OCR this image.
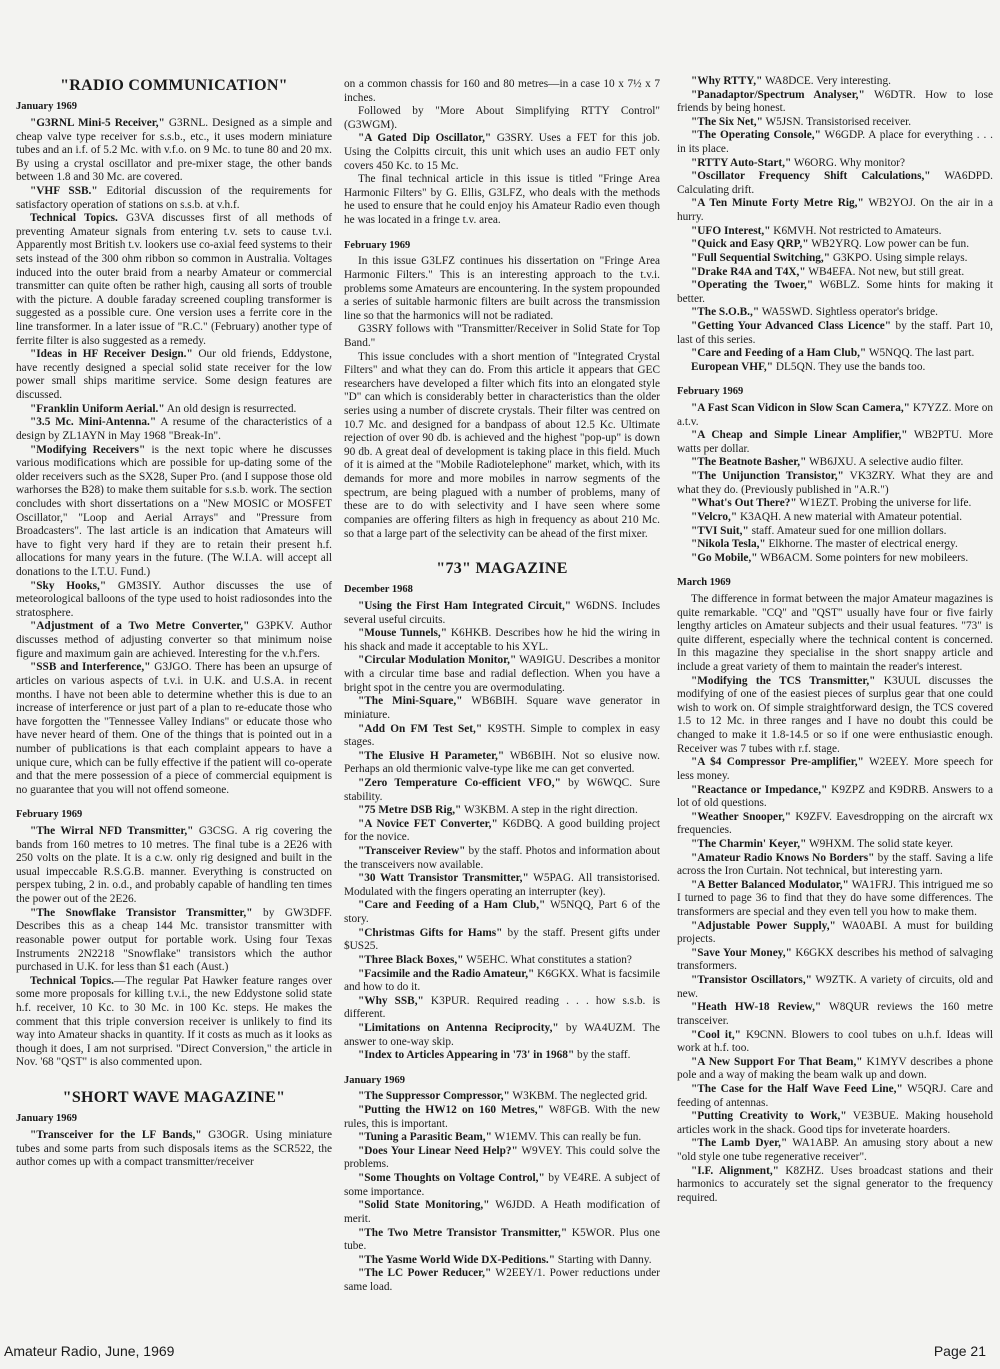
"RADIO COMMUNICATION"
January 1969
"G3RNL Mini-5 Receiver," G3RNL. Designed as a simple and cheap valve type receiver for s.s.b., etc., it uses modern miniature tubes and an i.f. of 5.2 Mc. with v.f.o. on 9 Mc. to tune 80 and 20 mx. By using a crystal oscillator and pre-mixer stage, the other bands between 1.8 and 30 Mc. are covered.
"VHF SSB." Editorial discussion of the requirements for satisfactory operation of stations on s.s.b. at v.h.f.
Technical Topics. G3VA discusses first of all methods of preventing Amateur signals from entering t.v. sets to cause t.v.i. Apparently most British t.v. lookers use co-axial feed systems to their sets instead of the 300 ohm ribbon so common in Australia. Voltages induced into the outer braid from a nearby Amateur or commercial transmitter can quite often be rather high, causing all sorts of trouble with the picture. A double faraday screened coupling transformer is suggested as a possible cure. One version uses a ferrite core in the line transformer. In a later issue of "R.C." (February) another type of ferrite filter is also suggested as a remedy.
"Ideas in HF Receiver Design." Our old friends, Eddystone, have recently designed a special solid state receiver for the low power small ships maritime service. Some design features are discussed.
"Franklin Uniform Aerial." An old design is resurrected.
"3.5 Mc. Mini-Antenna." A resume of the characteristics of a design by ZL1AYN in May 1968 "Break-In".
"Modifying Receivers" is the next topic where he discusses various modifications which are possible for up-dating some of the older receivers such as the SX28, Super Pro. (and I suppose those old warhorses the B28) to make them suitable for s.s.b. work. The section concludes with short dissertations on a "New MOSIC or MOSFET Oscillator," "Loop and Aerial Arrays" and "Pressure from Broadcasters". The last article is an indication that Amateurs will have to fight very hard if they are to retain their present h.f. allocations for many years in the future. (The W.I.A. will accept all donations to the I.T.U. Fund.)
"Sky Hooks," GM3SIY. Author discusses the use of meteorological balloons of the type used to hoist radiosondes into the stratosphere.
"Adjustment of a Two Metre Converter," G3PKV. Author discusses method of adjusting converter so that minimum noise figure and maximum gain are achieved. Interesting for the v.h.f'ers.
"SSB and Interference," G3JGO. There has been an upsurge of articles on various aspects of t.v.i. in U.K. and U.S.A. in recent months. I have not been able to determine whether this is due to an increase of interference or just part of a plan to re-educate those who have forgotten the "Tennessee Valley Indians" or educate those who have never heard of them. One of the things that is pointed out in a number of publications is that each complaint appears to have a unique cure, which can be fully effective if the patient will co-operate and that the mere possession of a piece of commercial equipment is no guarantee that you will not offend someone.
February 1969
"The Wirral NFD Transmitter," G3CSG. A rig covering the bands from 160 metres to 10 metres. The final tube is a 2E26 with 250 volts on the plate. It is a c.w. only rig designed and built in the usual impeccable R.S.G.B. manner. Everything is constructed on perspex tubing, 2 in. o.d., and probably capable of handling ten times the power out of the 2E26.
"The Snowflake Transistor Transmitter," by GW3DFF. Describes this as a cheap 144 Mc. transistor transmitter with reasonable power output for portable work. Using four Texas Instruments 2N2218 "Snowflake" transistors which the author purchased in U.K. for less than $1 each (Aust.)
Technical Topics.—The regular Pat Hawker feature ranges over some more proposals for killing t.v.i., the new Eddystone solid state h.f. receiver, 10 Kc. to 30 Mc. in 100 Kc. steps. He makes the comment that this triple conversion receiver is unlikely to find its way into Amateur shacks in quantity. If it costs as much as it looks as though it does, I am not surprised. "Direct Conversion," the article in Nov. '68 "QST" is also commented upon.
"SHORT WAVE MAGAZINE"
January 1969
"Transceiver for the LF Bands," G3OGR. Using miniature tubes and some parts from such disposals items as the SCR522, the author comes up with a compact transmitter/receiver
on a common chassis for 160 and 80 metres—in a case 10 x 7½ x 7 inches.
Followed by "More About Simplifying RTTY Control" (G3WGM).
"A Gated Dip Oscillator," G3SRY. Uses a FET for this job. Using the Colpitts circuit, this unit which uses an audio FET only covers 450 Kc. to 15 Mc.
The final technical article in this issue is titled "Fringe Area Harmonic Filters" by G. Ellis, G3LFZ, who deals with the methods he used to ensure that he could enjoy his Amateur Radio even though he was located in a fringe t.v. area.
February 1969
In this issue G3LFZ continues his dissertation on "Fringe Area Harmonic Filters." This is an interesting approach to the t.v.i. problems some Amateurs are encountering. In the system propounded a series of suitable harmonic filters are built across the transmission line so that the harmonics will not be radiated.
G3SRY follows with "Transmitter/Receiver in Solid State for Top Band."
This issue concludes with a short mention of "Integrated Crystal Filters" and what they can do. From this article it appears that GEC researchers have developed a filter which fits into an elongated style "D" can which is considerably better in characteristics than the older series using a number of discrete crystals. Their filter was centred on 10.7 Mc. and designed for a bandpass of about 12.5 Kc. Ultimate rejection of over 90 db. is achieved and the highest "pop-up" is down 90 db. A great deal of development is taking place in this field. Much of it is aimed at the "Mobile Radiotelephone" market, which, with its demands for more and more mobiles in narrow segments of the spectrum, are being plagued with a number of problems, many of these are to do with selectivity and I have seen where some companies are offering filters as high in frequency as about 210 Mc. so that a large part of the selectivity can be ahead of the first mixer.
"73" MAGAZINE
December 1968
"Using the First Ham Integrated Circuit," W6DNS. Includes several useful circuits.
"Mouse Tunnels," K6HKB. Describes how he hid the wiring in his shack and made it acceptable to his XYL.
"Circular Modulation Monitor," WA9IGU. Describes a monitor with a circular time base and radial deflection. When you have a bright spot in the centre you are overmodulating.
"The Mini-Square," WB6BIH. Square wave generator in miniature.
"Add On FM Test Set," K9STH. Simple to complex in easy stages.
"The Elusive H Parameter," WB6BIH. Not so elusive now. Perhaps an old thermionic valve-type like me can get converted.
"Zero Temperature Co-efficient VFO," by W6WQC. Sure stability.
"75 Metre DSB Rig," W3KBM. A step in the right direction.
"A Novice FET Converter," K6DBQ. A good building project for the novice.
"Transceiver Review" by the staff. Photos and information about the transceivers now available.
"30 Watt Transistor Transmitter," W5PAG. All transistorised. Modulated with the fingers operating an interrupter (key).
"Care and Feeding of a Ham Club," W5NQQ, Part 6 of the story.
"Christmas Gifts for Hams" by the staff. Present gifts under $US25.
"Three Black Boxes," W5EHC. What constitutes a station?
"Facsimile and the Radio Amateur," K6GKX. What is facsimile and how to do it.
"Why SSB," K3PUR. Required reading . . . how s.s.b. is different.
"Limitations on Antenna Reciprocity," by WA4UZM. The answer to one-way skip.
"Index to Articles Appearing in '73' in 1968" by the staff.
January 1969
"The Suppressor Compressor," W3KBM. The neglected grid.
"Putting the HW12 on 160 Metres," W8FGB. With the new rules, this is important.
"Tuning a Parasitic Beam," W1EMV. This can really be fun.
"Does Your Linear Need Help?" W9VEY. This could solve the problems.
"Some Thoughts on Voltage Control," by VE4RE. A subject of some importance.
"Solid State Monitoring," W6JDD. A Heath modification of merit.
"The Two Metre Transistor Transmitter," K5WOR. Plus one tube.
"The Yasme World Wide DX-Peditions." Starting with Danny.
"The LC Power Reducer," W2EEY/1. Power reductions under same load.
"Why RTTY," WA8DCE. Very interesting.
"Panadaptor/Spectrum Analyser," W6DTR. How to lose friends by being honest.
"The Six Net," W5JSN. Transistorised receiver.
"The Operating Console," W6GDP. A place for everything . . . in its place.
"RTTY Auto-Start," W6ORG. Why monitor?
"Oscillator Frequency Shift Calculations," WA6DPD. Calculating drift.
"A Ten Minute Forty Metre Rig," WB2YOJ. On the air in a hurry.
"UFO Interest," K6MVH. Not restricted to Amateurs.
"Quick and Easy QRP," WB2YRQ. Low power can be fun.
"Full Sequential Switching," G3KPO. Using simple relays.
"Drake R4A and T4X," WB4EFA. Not new, but still great.
"Operating the Twoer," W6BLZ. Some hints for making it better.
"The S.O.B.," WA5SWD. Sightless operator's bridge.
"Getting Your Advanced Class Licence" by the staff. Part 10, last of this series.
"Care and Feeding of a Ham Club," W5NQQ. The last part.
European VHF," DL5QN. They use the bands too.
February 1969
"A Fast Scan Vidicon in Slow Scan Camera," K7YZZ. More on a.t.v.
"A Cheap and Simple Linear Amplifier," WB2PTU. More watts per dollar.
"The Beatnote Basher," WB6JXU. A selective audio filter.
"The Unijunction Transistor," VK3ZRY. What they are and what they do. (Previously published in "A.R.")
"What's Out There?" W1EZT. Probing the universe for life.
"Velcro," K3AQH. A new material with Amateur potential.
"TVI Suit," staff. Amateur sued for one million dollars.
"Nikola Tesla," Elkhorne. The master of electrical energy.
"Go Mobile," WB6ACM. Some pointers for new mobileers.
March 1969
The difference in format between the major Amateur magazines is quite remarkable. "CQ" and "QST" usually have four or five fairly lengthy articles on Amateur subjects and their usual features. "73" is quite different, especially where the technical content is concerned. In this magazine they specialise in the short snappy article and include a great variety of them to maintain the reader's interest.
"Modifying the TCS Transmitter," K3UUL discusses the modifying of one of the easiest pieces of surplus gear that one could wish to work on. Of simple straightforward design, the TCS covered 1.5 to 12 Mc. in three ranges and I have no doubt this could be changed to make it 1.8-14.5 or so if one were enthusiastic enough. Receiver was 7 tubes with r.f. stage.
"A $4 Compressor Pre-amplifier," W2EEY. More speech for less money.
"Reactance or Impedance," K9ZPZ and K9DRB. Answers to a lot of old questions.
"Weather Snooper," K9ZFV. Eavesdropping on the aircraft wx frequencies.
"The Charmin' Keyer," W9HXM. The solid state keyer.
"Amateur Radio Knows No Borders" by the staff. Saving a life across the Iron Curtain. Not technical, but interesting yarn.
"A Better Balanced Modulator," WA1FRJ. This intrigued me so I turned to page 36 to find that they do have some differences. The transformers are special and they even tell you how to make them.
"Adjustable Power Supply," WA0ABI. A must for building projects.
"Save Your Money," K6GKX describes his method of salvaging transformers.
"Transistor Oscillators," W9ZTK. A variety of circuits, old and new.
"Heath HW-18 Review," W8QUR reviews the 160 metre transceiver.
"Cool it," K9CNN. Blowers to cool tubes on u.h.f. Ideas will work at h.f. too.
"A New Support For That Beam," K1MYV describes a phone pole and a way of making the beam walk up and down.
"The Case for the Half Wave Feed Line," W5QRJ. Care and feeding of antennas.
"Putting Creativity to Work," VE3BUE. Making household articles work in the shack. Good tips for inveterate hoarders.
"The Lamb Dyer," WA1ABP. An amusing story about a new "old style one tube regenerative receiver".
"I.F. Alignment," K8ZHZ. Uses broadcast stations and their harmonics to accurately set the signal generator to the frequency required.
Amateur Radio, June, 1969	Page 21
